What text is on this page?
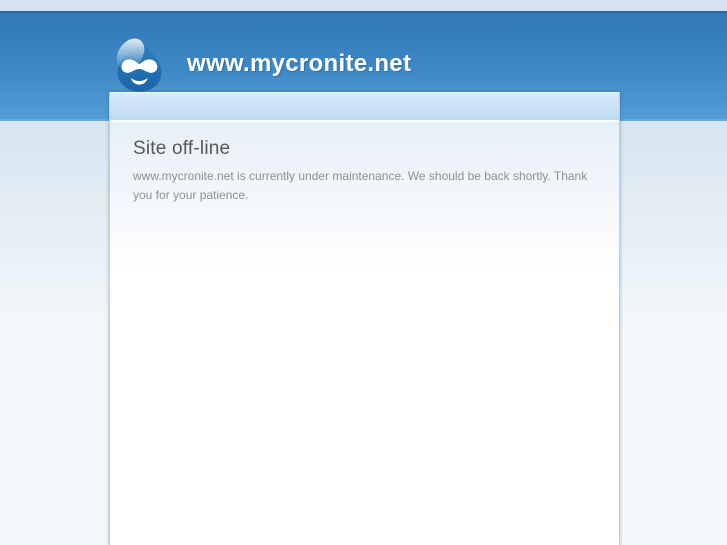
Site off-line

www.mycronite.net is currently under maintenance. We should be back shortly. Thank you for your patience.

www.mycronite.net
